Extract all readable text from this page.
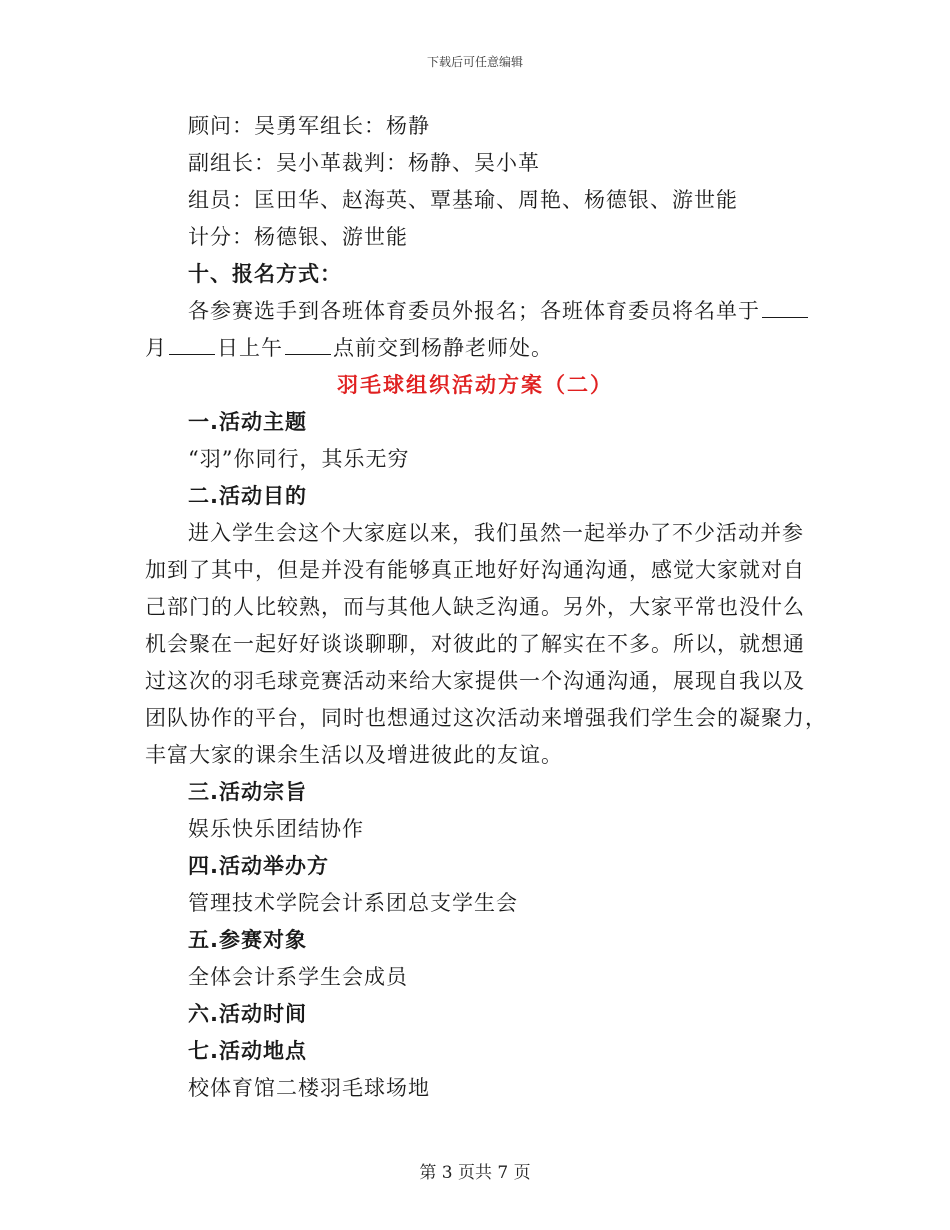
下载后可任意编辑
顾问：吴勇军组长：杨静
副组长：吴小革裁判：杨静、吴小革
组员：匡田华、赵海英、覃基瑜、周艳、杨德银、游世能
计分：杨德银、游世能
十、报名方式：
各参赛选手到各班体育委员外报名；各班体育委员将名单于
月 日上午 点前交到杨静老师处。
羽毛球组织活动方案（二）
一.活动主题
“羽”你同行，其乐无穷
二.活动目的
进入学生会这个大家庭以来，我们虽然一起举办了不少活动并参
加到了其中，但是并没有能够真正地好好沟通沟通，感觉大家就对自
己部门的人比较熟，而与其他人缺乏沟通。另外，大家平常也没什么
机会聚在一起好好谈谈聊聊，对彼此的了解实在不多。所以，就想通
过这次的羽毛球竞赛活动来给大家提供一个沟通沟通，展现自我以及
团队协作的平台，同时也想通过这次活动来增强我们学生会的凝聚力，
丰富大家的课余生活以及增进彼此的友谊。
三.活动宗旨
娱乐快乐团结协作
四.活动举办方
管理技术学院会计系团总支学生会
五.参赛对象
全体会计系学生会成员
六.活动时间
七.活动地点
校体育馆二楼羽毛球场地
第 3 页共 7 页
